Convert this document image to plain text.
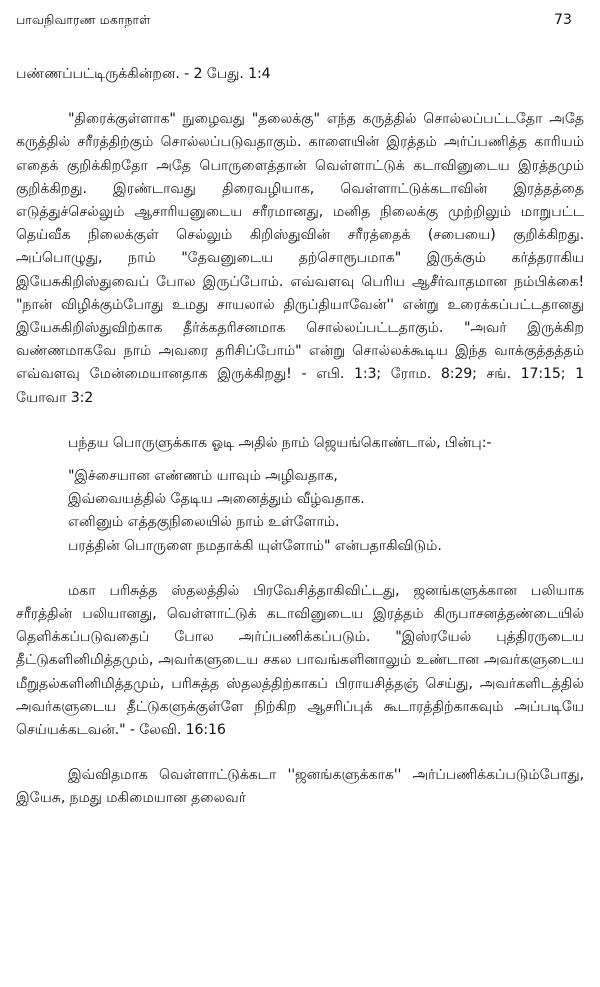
பாவநிவாரண மகாநாள்	73

பண்ணப்பட்டிருக்கின்றன. - 2 பேது. 1:4

"திரைக்குள்ளாக" நுழைவது "தலைக்கு" எந்த கருத்தில் சொல்லப்பட்டதோ அதே கருத்தில் சரீரத்திற்கும் சொல்லப்படுவதாகும். காளையின் இரத்தம் அர்ப்பணித்த காரியம் எதைக் குறிக்கிறதோ அதே பொருளைத்தான் வெள்ளாட்டுக் கடாவினுடைய இரத்தமும் குறிக்கிறது. இரண்டாவது திரைவழியாக, வெள்ளாட்டுக்கடாவின் இரத்தத்தை எடுத்துச்செல்லும் ஆசாரியனுடைய சரீரமானது, மனித நிலைக்கு முற்றிலும் மாறுபட்ட தெய்வீக நிலைக்குள் செல்லும் கிறிஸ்துவின் சரீரத்தைக் (சபையை) குறிக்கிறது. அப்பொழுது, நாம் "தேவனுடைய தற்சொரூபமாக" இருக்கும் கர்த்தராகிய இயேசுகிறிஸ்துவைப் போல இருப்போம். எவ்வளவு பெரிய ஆசீர்வாதமான நம்பிக்கை! "நான் விழிக்கும்போது உமது சாயலால் திருப்தியாவேன்'' என்று உரைக்கப்பட்டதானது இயேசுகிறிஸ்துவிற்காக தீர்க்கதரிசனமாக சொல்லப்பட்டதாகும். "அவர் இருக்கிற வண்ணமாகவே நாம் அவரை தரிசிப்போம்" என்று சொல்லக்கூடிய இந்த வாக்குத்தத்தம் எவ்வளவு மேன்மையானதாக இருக்கிறது! - எபி. 1:3; ரோம. 8:29; சங். 17:15; 1 யோவா 3:2

பந்தய பொருளுக்காக ஓடி அதில் நாம் ஜெயங்கொண்டால், பின்பு:-

"இச்சையான எண்ணம் யாவும் அழிவதாக,
இவ்வையத்தில் தேடிய அனைத்தும் வீழ்வதாக.
எனினும் எத்தகுநிலையில் நாம் உள்ளோம்.
பரத்தின் பொருளை நமதாக்கி யுள்ளோம்" என்பதாகிவிடும்.

மகா பரிசுத்த ஸ்தலத்தில் பிரவேசித்தாகிவிட்டது, ஜனங்களுக்கான பலியாக சரீரத்தின் பலியானது, வெள்ளாட்டுக் கடாவினுடைய இரத்தம் கிருபாசனத்தண்டையில் தெளிக்கப்படுவதைப் போல அர்ப்பணிக்கப்படும். "இஸ்ரயேல் புத்திரருடைய தீட்டுகளினிமித்தமும், அவர்களுடைய சகல பாவங்களினாலும் உண்டான அவர்களுடைய மீறுதல்களினிமித்தமும், பரிசுத்த ஸ்தலத்திற்காகப் பிராயசித்தஞ் செய்து, அவர்களிடத்தில் அவர்களுடைய தீட்டுகளுக்குள்ளே நிற்கிற ஆசரிப்புக் கூடாரத்திற்காகவும் அப்படியே செய்யக்கடவன்." - லேவி. 16:16

இவ்விதமாக வெள்ளாட்டுக்கடா ''ஜனங்களுக்காக'' அர்ப்பணிக்கப்படும்போது, இயேசு, நமது மகிமையான தலைவர்
